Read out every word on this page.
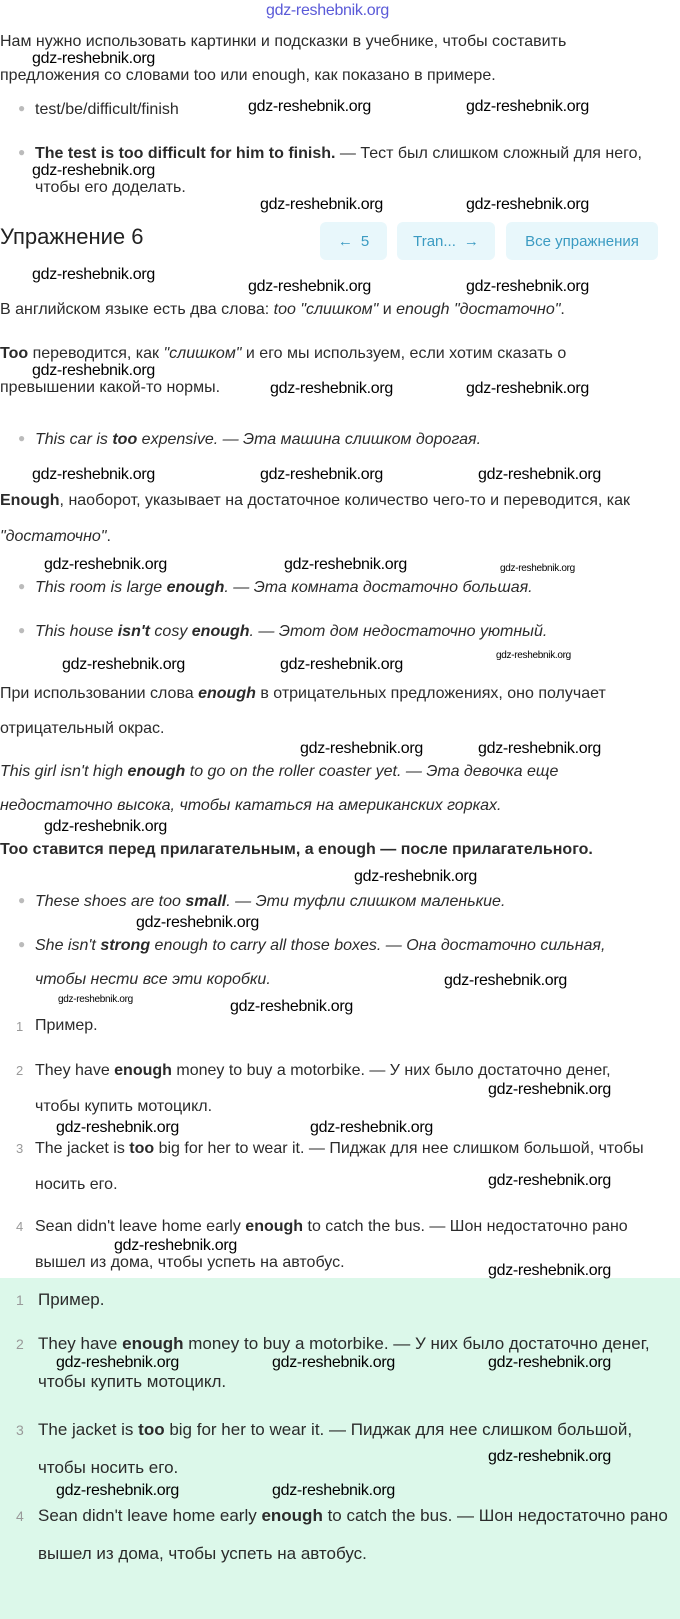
gdz-reshebnik.org
Нам нужно использовать картинки и подсказки в учебнике, чтобы составить предложения со словами too или enough, как показано в примере.
● test/be/difficult/finish
● The test is too difficult for him to finish. — Тест был слишком сложный для него, чтобы его доделать.
Упражнение 6	← 5	Tran... →	Все упражнения
В английском языке есть два слова: too "слишком" и enough "достаточно".
Too переводится, как "слишком" и его мы используем, если хотим сказать о превышении какой-то нормы.
● This car is too expensive. — Эта машина слишком дорогая.
Enough, наоборот, указывает на достаточное количество чего-то и переводится, как "достаточно".
● This room is large enough. — Эта комната достаточно большая.
● This house isn't cosy enough. — Этот дом недостаточно уютный.
При использовании слова enough в отрицательных предложениях, оно получает отрицательный окрас.
This girl isn't high enough to go on the roller coaster yet. — Эта девочка еще недостаточно высока, чтобы кататься на американских горках.
Too ставится перед прилагательным, а enough — после прилагательного.
● These shoes are too small. — Эти туфли слишком маленькие.
● She isn't strong enough to carry all those boxes. — Она достаточно сильная, чтобы нести все эти коробки.
1 Пример.
2 They have enough money to buy a motorbike. — У них было достаточно денег, чтобы купить мотоцикл.
3 The jacket is too big for her to wear it. — Пиджак для нее слишком большой, чтобы носить его.
4 Sean didn't leave home early enough to catch the bus. — Шон недостаточно рано вышел из дома, чтобы успеть на автобус.
1 Пример.
2 They have enough money to buy a motorbike. — У них было достаточно денег, чтобы купить мотоцикл.
3 The jacket is too big for her to wear it. — Пиджак для нее слишком большой, чтобы носить его.
4 Sean didn't leave home early enough to catch the bus. — Шон недостаточно рано вышел из дома, чтобы успеть на автобус.
gdz-reshebnik.org
gdz-reshebnik.org	gdz-reshebnik.org
gdz-reshebnik.org
gdz-reshebnik.org	gdz-reshebnik.org
gdz-reshebnik.org
gdz-reshebnik.org	gdz-reshebnik.org
gdz-reshebnik.org
gdz-reshebnik.org	gdz-reshebnik.org
gdz-reshebnik.org	gdz-reshebnik.org	gdz-reshebnik.org
gdz-reshebnik.org	gdz-reshebnik.org	gdz-reshebnik.org
gdz-reshebnik.org
gdz-reshebnik.org	gdz-reshebnik.org
gdz-reshebnik.org	gdz-reshebnik.org
gdz-reshebnik.org
gdz-reshebnik.org
gdz-reshebnik.org
gdz-reshebnik.org
gdz-reshebnik.org
gdz-reshebnik.org
gdz-reshebnik.org
gdz-reshebnik.org	gdz-reshebnik.org
gdz-reshebnik.org
gdz-reshebnik.org
gdz-reshebnik.org
gdz-reshebnik.org	gdz-reshebnik.org	gdz-reshebnik.org
gdz-reshebnik.org
gdz-reshebnik.org	gdz-reshebnik.org
